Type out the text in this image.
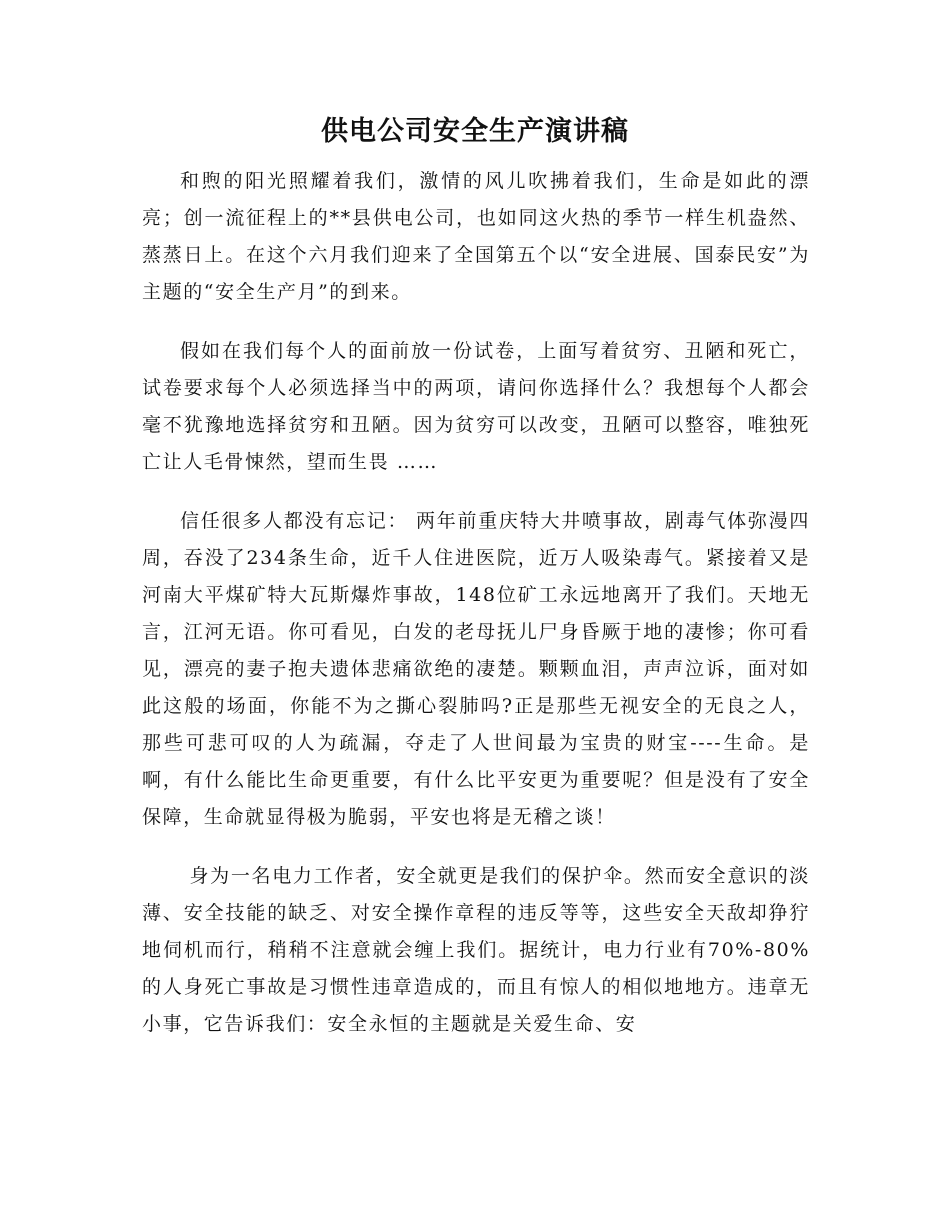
供电公司安全生产演讲稿

和煦的阳光照耀着我们，激情的风儿吹拂着我们，生命是如此的漂亮；创一流征程上的**县供电公司，也如同这火热的季节一样生机盎然、蒸蒸日上。在这个六月我们迎来了全国第五个以“安全进展、国泰民安”为主题的“安全生产月”的到来。

假如在我们每个人的面前放一份试卷，上面写着贫穷、丑陋和死亡，试卷要求每个人必须选择当中的两项，请问你选择什么？我想每个人都会毫不犹豫地选择贫穷和丑陋。因为贫穷可以改变，丑陋可以整容，唯独死亡让人毛骨悚然，望而生畏 ……

信任很多人都没有忘记： 两年前重庆特大井喷事故，剧毒气体弥漫四周，吞没了234条生命，近千人住进医院，近万人吸染毒气。紧接着又是河南大平煤矿特大瓦斯爆炸事故，148位矿工永远地离开了我们。天地无言，江河无语。你可看见，白发的老母抚儿尸身昏厥于地的凄惨；你可看见，漂亮的妻子抱夫遗体悲痛欲绝的凄楚。颗颗血泪，声声泣诉，面对如此这般的场面，你能不为之撕心裂肺吗?正是那些无视安全的无良之人，那些可悲可叹的人为疏漏，夺走了人世间最为宝贵的财宝----生命。是啊，有什么能比生命更重要，有什么比平安更为重要呢？但是没有了安全保障，生命就显得极为脆弱，平安也将是无稽之谈！

身为一名电力工作者，安全就更是我们的保护伞。然而安全意识的淡薄、安全技能的缺乏、对安全操作章程的违反等等，这些安全天敌却狰狞地伺机而行，稍稍不注意就会缠上我们。据统计，电力行业有70%-80%的人身死亡事故是习惯性违章造成的，而且有惊人的相似地地方。违章无小事，它告诉我们：安全永恒的主题就是关爱生命、安
